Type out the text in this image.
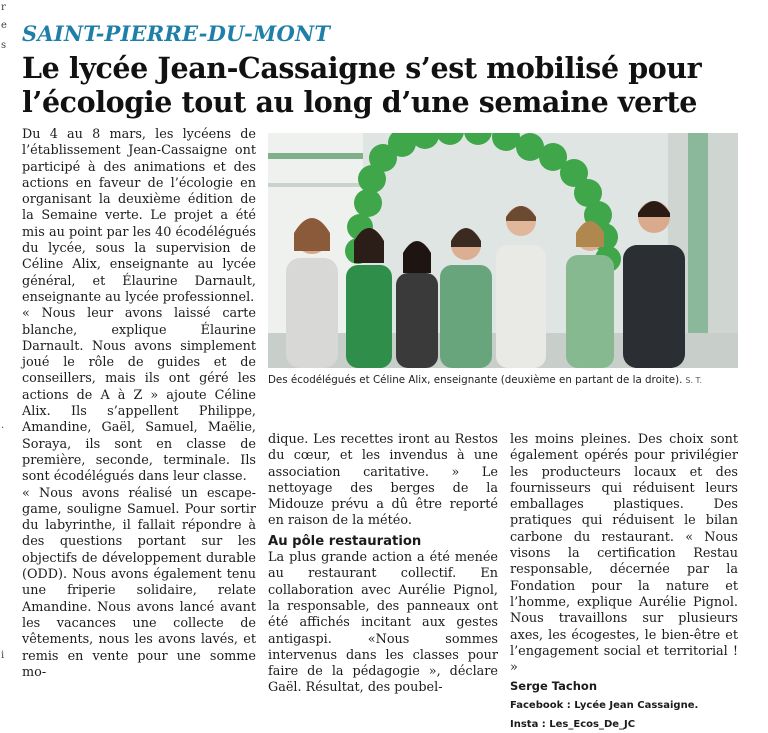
r
e
s
.
i
SAINT-PIERRE-DU-MONT
Le lycée Jean-Cassaigne s’est mobilisé pour
l’écologie tout au long d’une semaine verte

Du 4 au 8 mars, les lycéens de l’établissement Jean-Cassaigne ont participé à des animations et des actions en faveur de l’écologie en organisant la deuxième édition de la Semaine verte. Le projet a été mis au point par les 40 écodélégués du lycée, sous la supervision de Céline Alix, enseignante au lycée général, et Élaurine Darnault, enseignante au lycée professionnel.

« Nous leur avons laissé carte blanche, explique Élaurine Darnault. Nous avons simplement joué le rôle de guides et de conseillers, mais ils ont géré les actions de A à Z » ajoute Céline Alix. Ils s’appellent Philippe, Amandine, Gaël, Samuel, Maëlie, Soraya, ils sont en classe de première, seconde, terminale. Ils sont écodélégués dans leur classe.

« Nous avons réalisé un escape-game, souligne Samuel. Pour sortir du labyrinthe, il fallait répondre à des questions portant sur les objectifs de développement durable (ODD). Nous avons également tenu une friperie solidaire, relate Amandine. Nous avons lancé avant les vacances une collecte de vêtements, nous les avons lavés, et remis en vente pour une somme mo-

Des écodélégués et Céline Alix, enseignante (deuxième en partant de la droite). S. T.

dique. Les recettes iront au Restos du cœur, et les invendus à une association caritative. » Le nettoyage des berges de la Midouze prévu a dû être reporté en raison de la météo.

Au pôle restauration

La plus grande action a été menée au restaurant collectif. En collaboration avec Aurélie Pignol, la responsable, des panneaux ont été affichés incitant aux gestes antigaspi. «Nous sommes intervenus dans les classes pour faire de la pédagogie », déclare Gaël. Résultat, des poubel-

les moins pleines. Des choix sont également opérés pour privilégier les producteurs locaux et des fournisseurs qui réduisent leurs emballages plastiques. Des pratiques qui réduisent le bilan carbone du restaurant. « Nous visons la certification Restau responsable, décernée par la Fondation pour la nature et l’homme, explique Aurélie Pignol. Nous travaillons sur plusieurs axes, les écogestes, le bien-être et l’engagement social et territorial ! »

Serge Tachon

Facebook : Lycée Jean Cassaigne.

Insta : Les_Ecos_De_JC
